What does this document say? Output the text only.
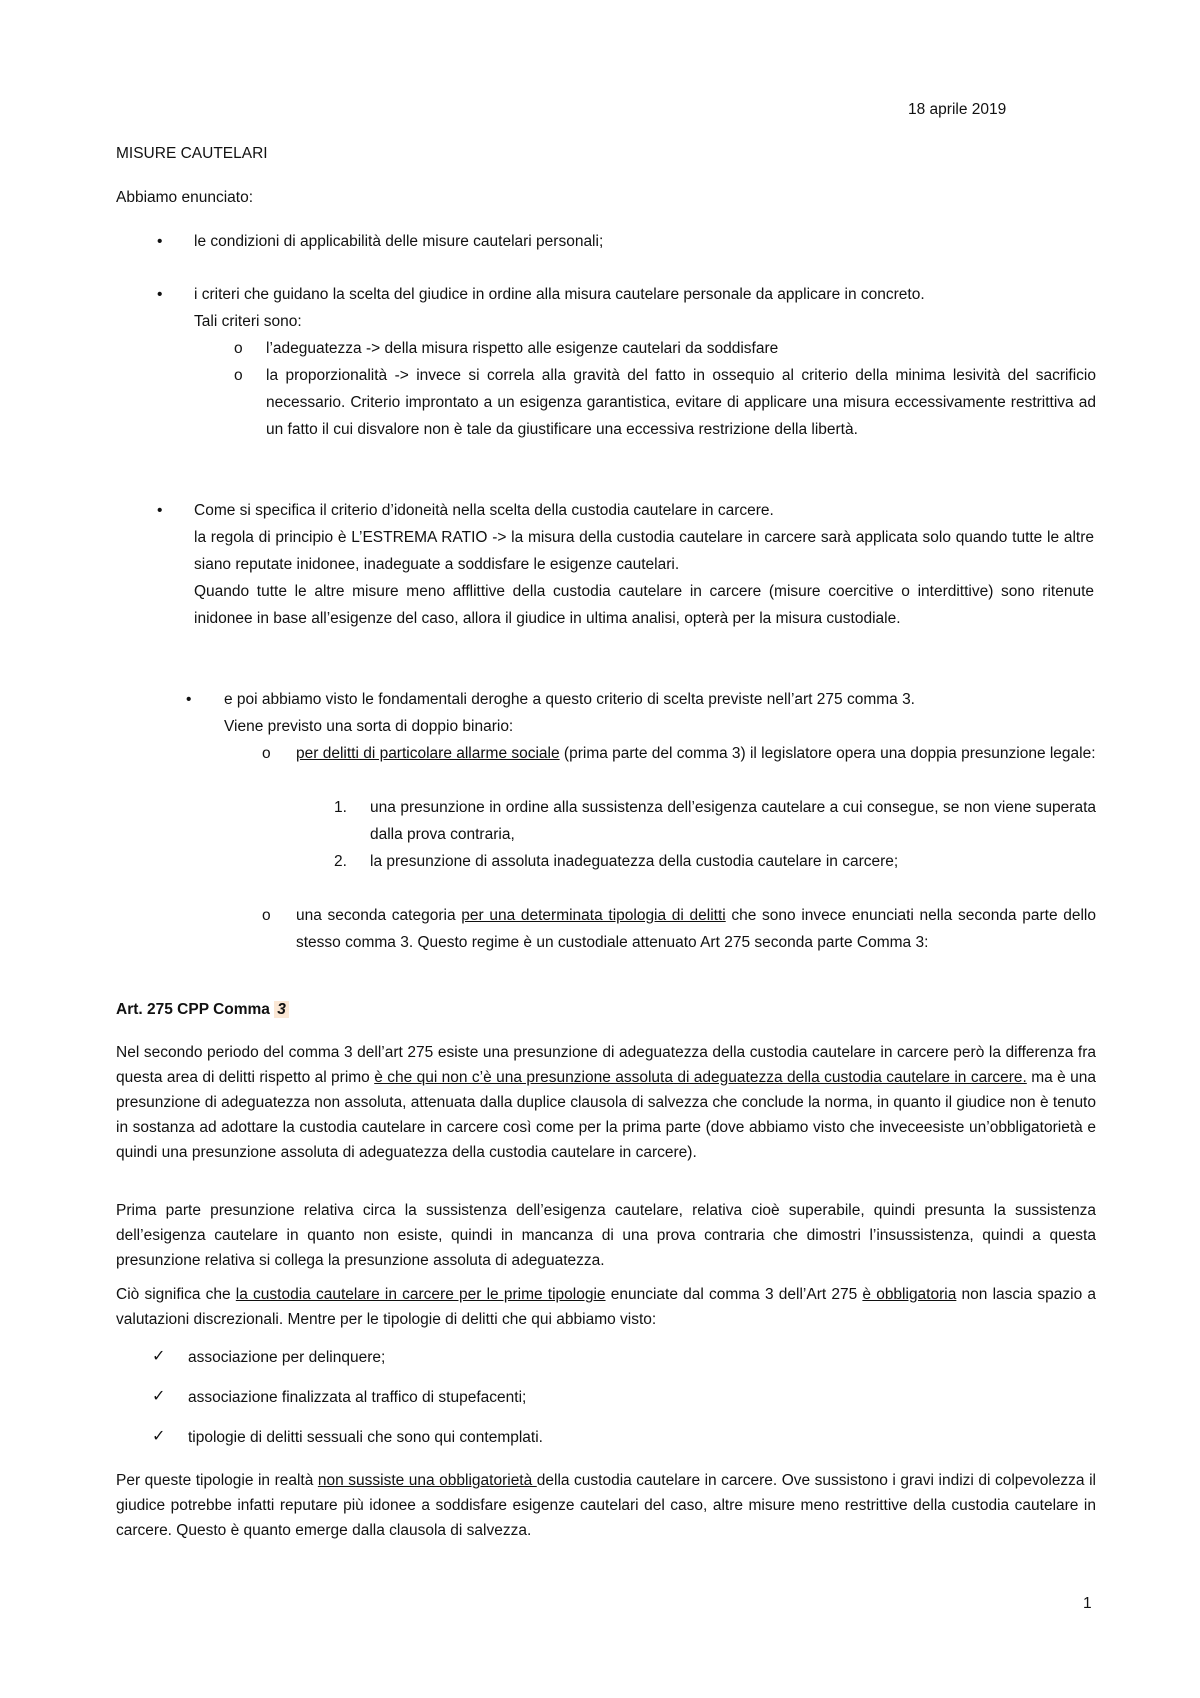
18 aprile 2019
MISURE CAUTELARI
Abbiamo enunciato:
• le condizioni di applicabilità delle misure cautelari personali;
• i criteri che guidano la scelta del giudice in ordine alla misura cautelare personale da applicare in concreto.
Tali criteri sono:
o l’adeguatezza -> della misura rispetto alle esigenze cautelari da soddisfare
o la proporzionalità -> invece si correla alla gravità del fatto in ossequio al criterio della minima lesività del sacrificio necessario. Criterio improntato a un esigenza garantistica, evitare di applicare una misura eccessivamente restrittiva ad un fatto il cui disvalore non è tale da giustificare una eccessiva restrizione della libertà.
• Come si specifica il criterio d’idoneità nella scelta della custodia cautelare in carcere.
la regola di principio è L’ESTREMA RATIO -> la misura della custodia cautelare in carcere sarà applicata solo quando tutte le altre siano reputate inidonee, inadeguate a soddisfare le esigenze cautelari.
Quando tutte le altre misure meno afflittive della custodia cautelare in carcere (misure coercitive o interdittive) sono ritenute inidonee in base all’esigenze del caso, allora il giudice in ultima analisi, opterà per la misura custodiale.
• e poi abbiamo visto le fondamentali deroghe a questo criterio di scelta previste nell’art 275 comma 3.
Viene previsto una sorta di doppio binario:
o per delitti di particolare allarme sociale (prima parte del comma 3) il legislatore opera una doppia presunzione legale:
1. una presunzione in ordine alla sussistenza dell’esigenza cautelare a cui consegue, se non viene superata dalla prova contraria,
2. la presunzione di assoluta inadeguatezza della custodia cautelare in carcere;
o una seconda categoria per una determinata tipologia di delitti che sono invece enunciati nella seconda parte dello stesso comma 3. Questo regime è un custodiale attenuato Art 275 seconda parte Comma 3:
Art. 275 CPP Comma 3
Nel secondo periodo del comma 3 dell’art 275 esiste una presunzione di adeguatezza della custodia cautelare in carcere però la differenza fra questa area di delitti rispetto al primo è che qui non c’è una presunzione assoluta di adeguatezza della custodia cautelare in carcere. ma è una presunzione di adeguatezza non assoluta, attenuata dalla duplice clausola di salvezza che conclude la norma, in quanto il giudice non è tenuto in sostanza ad adottare la custodia cautelare in carcere così come per la prima parte (dove abbiamo visto che inveceesiste un’obbligatorietà e quindi una presunzione assoluta di adeguatezza della custodia cautelare in carcere).
Prima parte presunzione relativa circa la sussistenza dell’esigenza cautelare, relativa cioè superabile, quindi presunta la sussistenza dell’esigenza cautelare in quanto non esiste, quindi in mancanza di una prova contraria che dimostri l’insussistenza, quindi a questa presunzione relativa si collega la presunzione assoluta di adeguatezza.
Ciò significa che la custodia cautelare in carcere per le prime tipologie enunciate dal comma 3 dell’Art 275 è obbligatoria non lascia spazio a valutazioni discrezionali. Mentre per le tipologie di delitti che qui abbiamo visto:
✓ associazione per delinquere;
✓ associazione finalizzata al traffico di stupefacenti;
✓ tipologie di delitti sessuali che sono qui contemplati.
Per queste tipologie in realtà non sussiste una obbligatorietà della custodia cautelare in carcere. Ove sussistono i gravi indizi di colpevolezza il giudice potrebbe infatti reputare più idonee a soddisfare esigenze cautelari del caso, altre misure meno restrittive della custodia cautelare in carcere. Questo è quanto emerge dalla clausola di salvezza.
1
